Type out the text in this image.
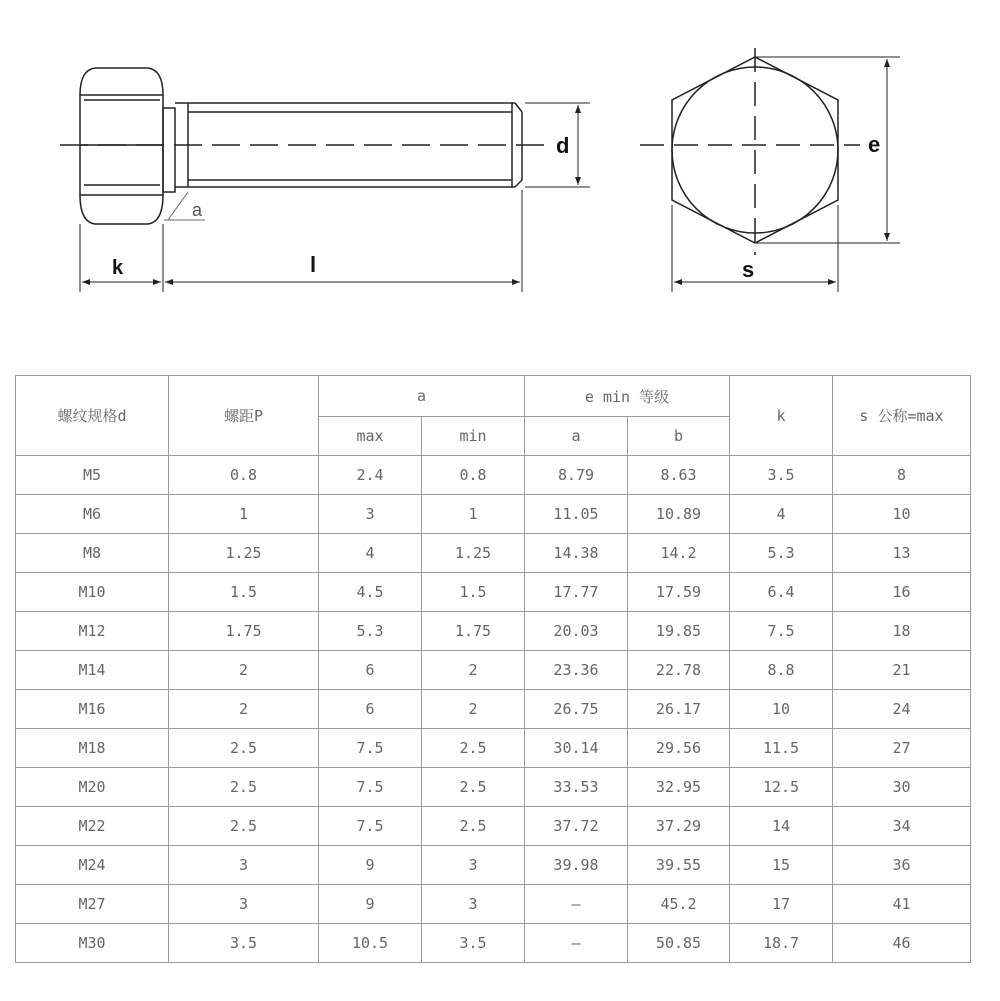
k	l
d
a
e
s
螺纹规格d	螺距P	a		e min 等级		k	s 公称=max
		max	min	a	b		
M5	0.8	2.4	0.8	8.79	8.63	3.5	8
M6	1	3	1	11.05	10.89	4	10
M8	1.25	4	1.25	14.38	14.2	5.3	13
M10	1.5	4.5	1.5	17.77	17.59	6.4	16
M12	1.75	5.3	1.75	20.03	19.85	7.5	18
M14	2	6	2	23.36	22.78	8.8	21
M16	2	6	2	26.75	26.17	10	24
M18	2.5	7.5	2.5	30.14	29.56	11.5	27
M20	2.5	7.5	2.5	33.53	32.95	12.5	30
M22	2.5	7.5	2.5	37.72	37.29	14	34
M24	3	9	3	39.98	39.55	15	36
M27	3	9	3	—	45.2	17	41
M30	3.5	10.5	3.5	—	50.85	18.7	46
